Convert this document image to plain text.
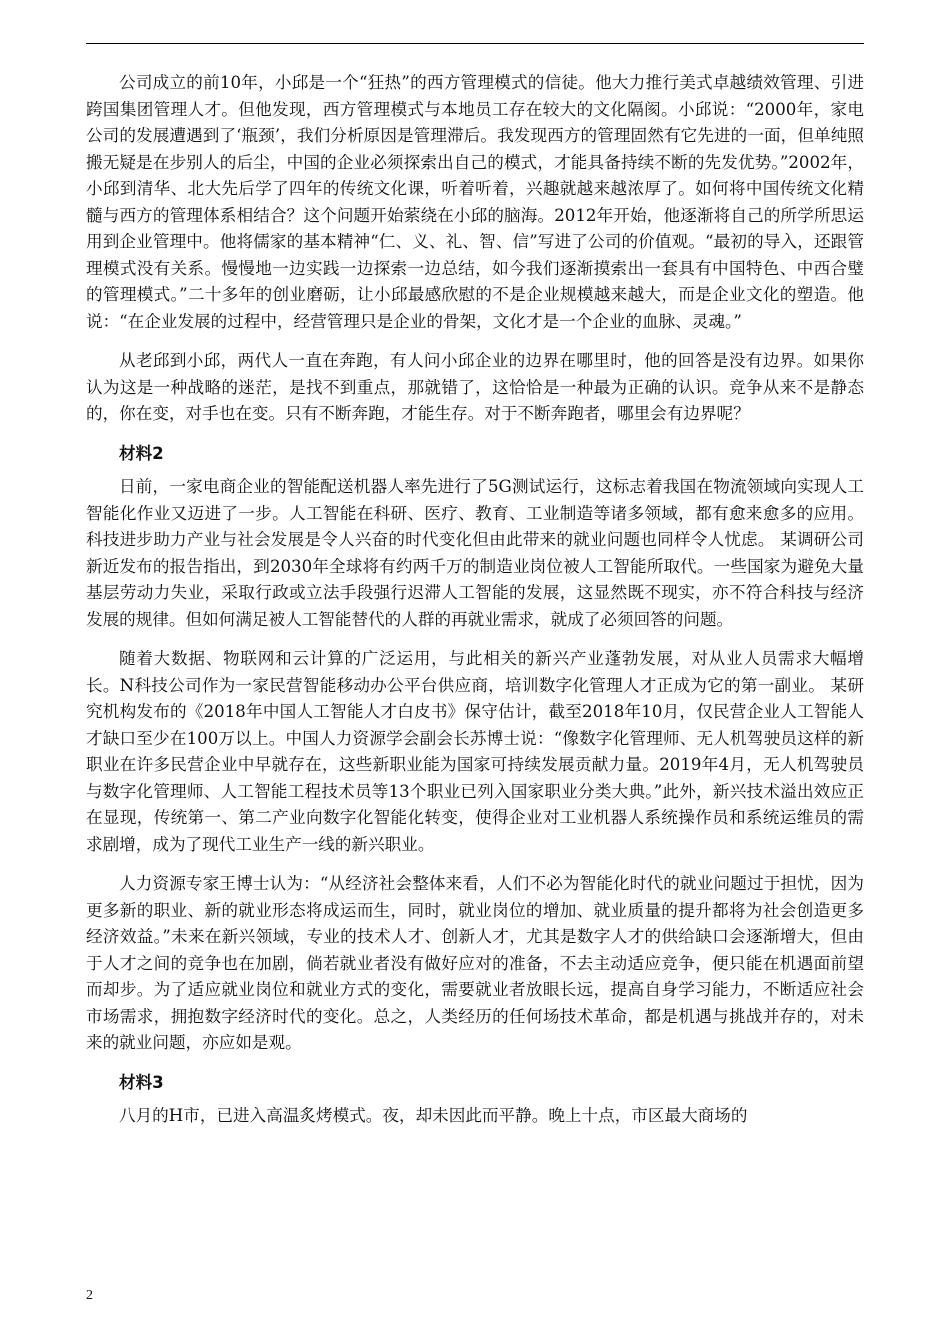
公司成立的前10年，小邱是一个“狂热”的西方管理模式的信徒。他大力推行美式卓越绩效管理、引进跨国集团管理人才。但他发现，西方管理模式与本地员工存在较大的文化隔阂。小邱说：“2000年，家电公司的发展遭遇到了‘瓶颈’，我们分析原因是管理滞后。我发现西方的管理固然有它先进的一面，但单纯照搬无疑是在步别人的后尘，中国的企业必须探索出自己的模式，才能具备持续不断的先发优势。”2002年，小邱到清华、北大先后学了四年的传统文化课，听着听着，兴趣就越来越浓厚了。如何将中国传统文化精髓与西方的管理体系相结合？这个问题开始萦绕在小邱的脑海。2012年开始，他逐渐将自己的所学所思运用到企业管理中。他将儒家的基本精神“仁、义、礼、智、信”写进了公司的价值观。“最初的导入，还跟管理模式没有关系。慢慢地一边实践一边探索一边总结，如今我们逐渐摸索出一套具有中国特色、中西合璧的管理模式。”二十多年的创业磨砺，让小邱最感欣慰的不是企业规模越来越大，而是企业文化的塑造。他说：“在企业发展的过程中，经营管理只是企业的骨架，文化才是一个企业的血脉、灵魂。”

从老邱到小邱，两代人一直在奔跑，有人问小邱企业的边界在哪里时，他的回答是没有边界。如果你认为这是一种战略的迷茫，是找不到重点，那就错了，这恰恰是一种最为正确的认识。竞争从来不是静态的，你在变，对手也在变。只有不断奔跑，才能生存。对于不断奔跑者，哪里会有边界呢？

材料2

日前，一家电商企业的智能配送机器人率先进行了5G测试运行，这标志着我国在物流领域向实现人工智能化作业又迈进了一步。人工智能在科研、医疗、教育、工业制造等诸多领域，都有愈来愈多的应用。科技进步助力产业与社会发展是令人兴奋的时代变化但由此带来的就业问题也同样令人忧虑。 某调研公司新近发布的报告指出，到2030年全球将有约两千万的制造业岗位被人工智能所取代。一些国家为避免大量基层劳动力失业，采取行政或立法手段强行迟滞人工智能的发展，这显然既不现实，亦不符合科技与经济发展的规律。但如何满足被人工智能替代的人群的再就业需求，就成了必须回答的问题。

随着大数据、物联网和云计算的广泛运用，与此相关的新兴产业蓬勃发展，对从业人员需求大幅增长。N科技公司作为一家民营智能移动办公平台供应商，培训数字化管理人才正成为它的第一副业。 某研究机构发布的《2018年中国人工智能人才白皮书》保守估计，截至2018年10月，仅民营企业人工智能人才缺口至少在100万以上。中国人力资源学会副会长苏博士说：“像数字化管理师、无人机驾驶员这样的新职业在许多民营企业中早就存在，这些新职业能为国家可持续发展贡献力量。2019年4月，无人机驾驶员与数字化管理师、人工智能工程技术员等13个职业已列入国家职业分类大典。”此外，新兴技术溢出效应正在显现，传统第一、第二产业向数字化智能化转变，使得企业对工业机器人系统操作员和系统运维员的需求剧增，成为了现代工业生产一线的新兴职业。

人力资源专家王博士认为：“从经济社会整体来看，人们不必为智能化时代的就业问题过于担忧，因为更多新的职业、新的就业形态将成运而生，同时，就业岗位的增加、就业质量的提升都将为社会创造更多经济效益。”未来在新兴领域，专业的技术人才、创新人才，尤其是数字人才的供给缺口会逐渐增大，但由于人才之间的竞争也在加剧，倘若就业者没有做好应对的准备，不去主动适应竞争，便只能在机遇面前望而却步。为了适应就业岗位和就业方式的变化，需要就业者放眼长远，提高自身学习能力，不断适应社会市场需求，拥抱数字经济时代的变化。总之，人类经历的任何场技术革命，都是机遇与挑战并存的，对未来的就业问题，亦应如是观。

材料3

八月的H市，已进入高温炙烤模式。夜，却未因此而平静。晚上十点，市区最大商场的

2
